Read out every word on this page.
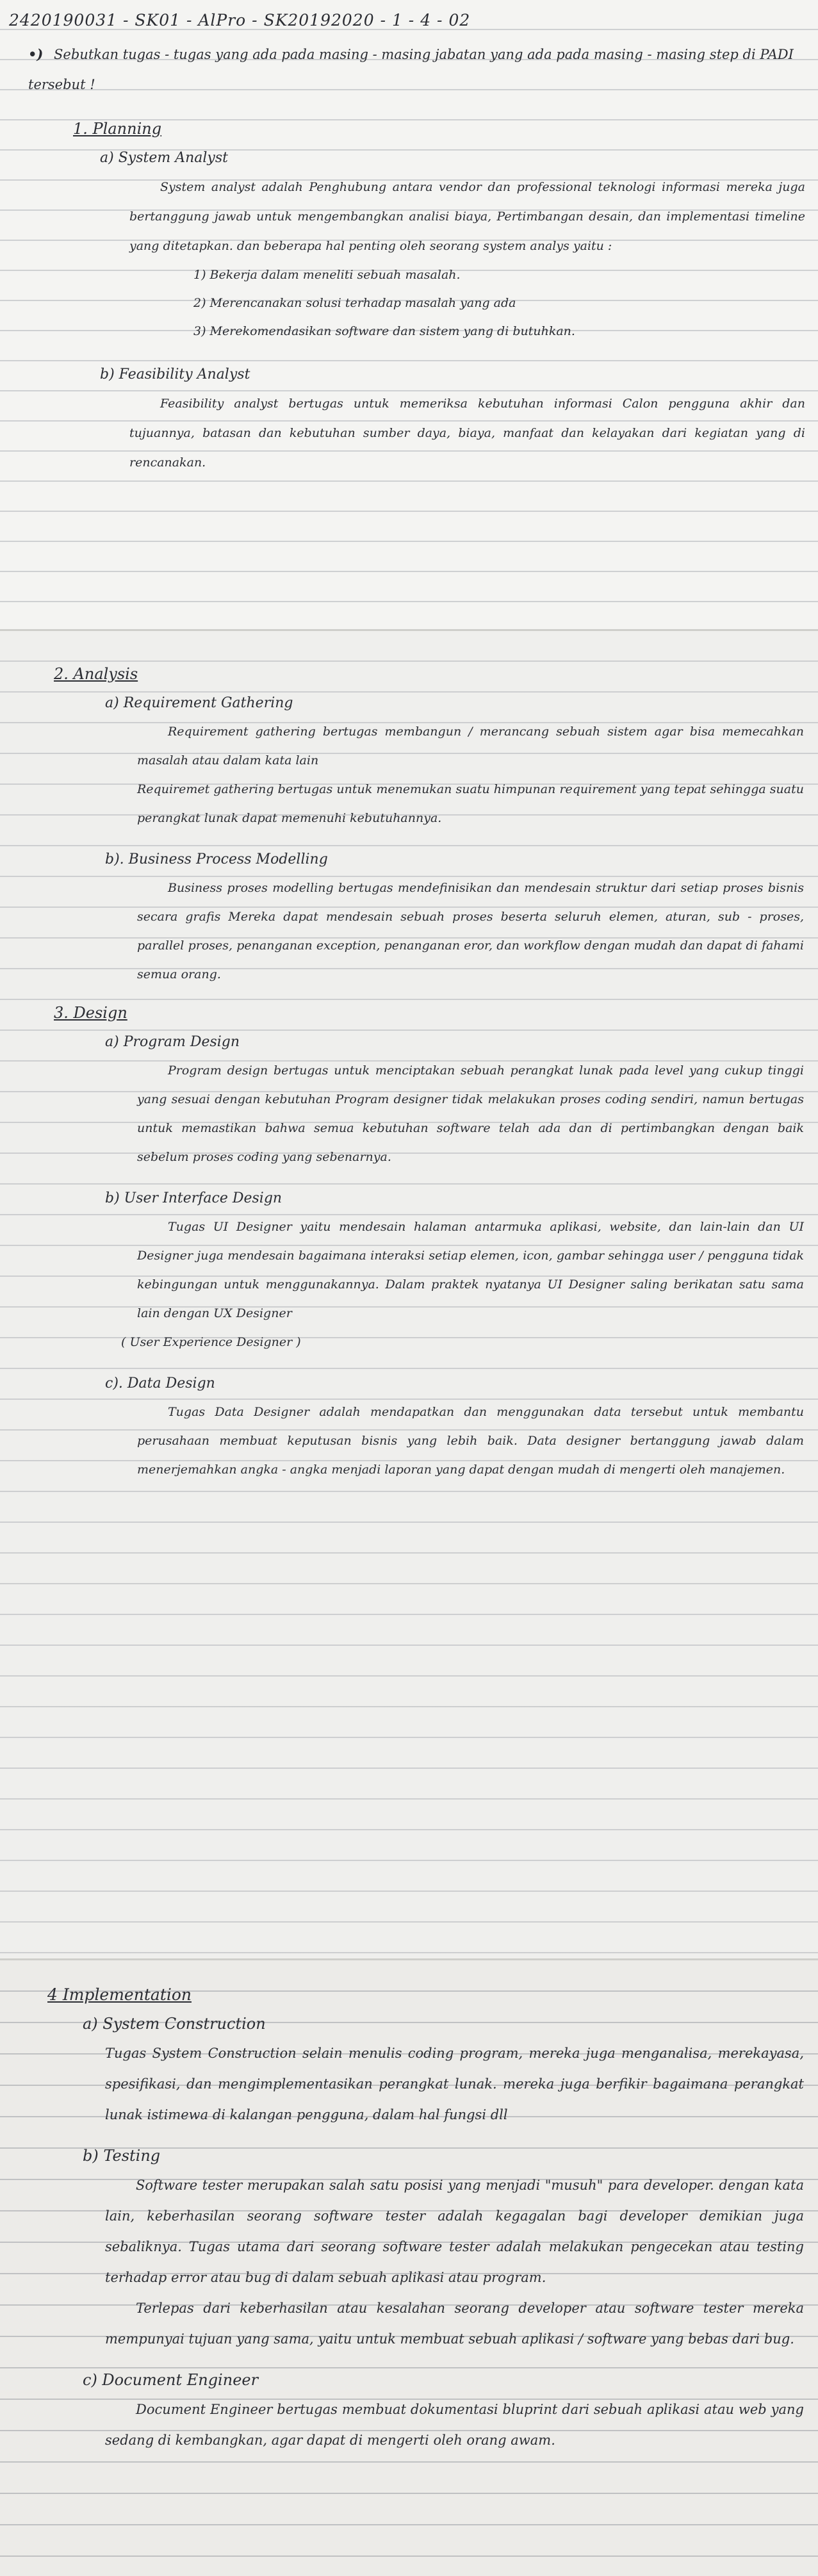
2420190031 - SK01 - AlPro - SK20192020 - 1 - 4 - 02
•) Sebutkan tugas - tugas yang ada pada masing - masing jabatan yang ada pada masing - masing step di PADI tersebut !
1. Planning
a) System Analyst
System analyst adalah Penghubung antara vendor dan professional teknologi informasi mereka juga bertanggung jawab untuk mengembangkan analisi biaya, Pertimbangan desain, dan implementasi timeline yang ditetapkan. dan beberapa hal penting oleh seorang system analys yaitu :
1) Bekerja dalam meneliti sebuah masalah.
2) Merencanakan solusi terhadap masalah yang ada
3) Merekomendasikan software dan sistem yang di butuhkan.
b) Feasibility Analyst
Feasibility analyst bertugas untuk memeriksa kebutuhan informasi Calon pengguna akhir dan tujuannya, batasan dan kebutuhan sumber daya, biaya, manfaat dan kelayakan dari kegiatan yang di rencanakan.
2. Analysis
a) Requirement Gathering
Requirement gathering bertugas membangun / merancang sebuah sistem agar bisa memecahkan masalah atau dalam kata lain
Requiremet gathering bertugas untuk menemukan suatu himpunan requirement yang tepat sehingga suatu perangkat lunak dapat memenuhi kebutuhannya.
b). Business Process Modelling
Business proses modelling bertugas mendefinisikan dan mendesain struktur dari setiap proses bisnis secara grafis Mereka dapat mendesain sebuah proses beserta seluruh elemen, aturan, sub - proses, parallel proses, penanganan exception, penanganan eror, dan workflow dengan mudah dan dapat di fahami semua orang.
3. Design
a) Program Design
Program design bertugas untuk menciptakan sebuah perangkat lunak pada level yang cukup tinggi yang sesuai dengan kebutuhan Program designer tidak melakukan proses coding sendiri, namun bertugas untuk memastikan bahwa semua kebutuhan software telah ada dan di pertimbangkan dengan baik sebelum proses coding yang sebenarnya.
b) User Interface Design
Tugas UI Designer yaitu mendesain halaman antarmuka aplikasi, website, dan lain-lain dan UI Designer juga mendesain bagaimana interaksi setiap elemen, icon, gambar sehingga user / pengguna tidak kebingungan untuk menggunakannya. Dalam praktek nyatanya UI Designer saling berikatan satu sama lain dengan UX Designer
( User Experience Designer )
c). Data Design
Tugas Data Designer adalah mendapatkan dan menggunakan data tersebut untuk membantu perusahaan membuat keputusan bisnis yang lebih baik. Data designer bertanggung jawab dalam menerjemahkan angka - angka menjadi laporan yang dapat dengan mudah di mengerti oleh manajemen.
4 Implementation
a) System Construction
Tugas System Construction selain menulis coding program, mereka juga menganalisa, merekayasa, spesifikasi, dan mengimplementasikan perangkat lunak. mereka juga berfikir bagaimana perangkat lunak istimewa di kalangan pengguna, dalam hal fungsi dll
b) Testing
Software tester merupakan salah satu posisi yang menjadi "musuh" para developer. dengan kata lain, keberhasilan seorang software tester adalah kegagalan bagi developer demikian juga sebaliknya. Tugas utama dari seorang software tester adalah melakukan pengecekan atau testing terhadap error atau bug di dalam sebuah aplikasi atau program.
Terlepas dari keberhasilan atau kesalahan seorang developer atau software tester mereka mempunyai tujuan yang sama, yaitu untuk membuat sebuah aplikasi / software yang bebas dari bug.
c) Document Engineer
Document Engineer bertugas membuat dokumentasi bluprint dari sebuah aplikasi atau web yang sedang di kembangkan, agar dapat di mengerti oleh orang awam.
